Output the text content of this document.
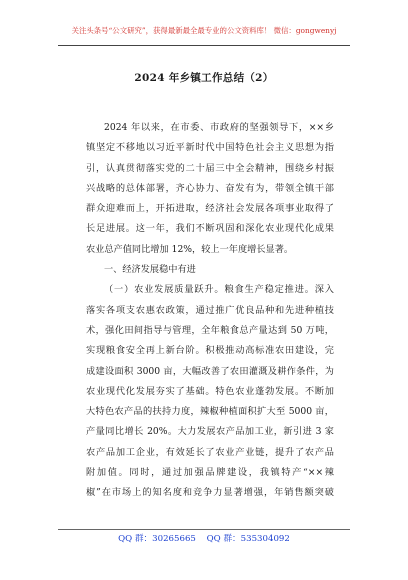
关注头条号“公文研究”，获得最新最全最专业的公文资料库！ 微信：gongwenyj
2024 年乡镇工作总结（2）
2024 年以来，在市委、市政府的坚强领导下，××乡
镇坚定不移地以习近平新时代中国特色社会主义思想为指
引，认真贯彻落实党的二十届三中全会精神，围绕乡村振
兴战略的总体部署，齐心协力、奋发有为，带领全镇干部
群众迎难而上，开拓进取，经济社会发展各项事业取得了
长足进展。这一年，我们不断巩固和深化农业现代化成果
农业总产值同比增加 12%，较上一年度增长显著。
一、经济发展稳中有进
（一）农业发展质量跃升。粮食生产稳定推进。深入
落实各项支农惠农政策，通过推广优良品种和先进种植技
术，强化田间指导与管理，全年粮食总产量达到 50 万吨，
实现粮食安全再上新台阶。积极推动高标准农田建设，完
成建设面积 3000 亩，大幅改善了农田灌溉及耕作条件，为
农业现代化发展夯实了基础。特色农业蓬勃发展。不断加
大特色农产品的扶持力度，辣椒种植面积扩大至 5000 亩，
产量同比增长 20%。大力发展农产品加工业，新引进 3 家
农产品加工企业，有效延长了农业产业链，提升了农产品
附加值。同时，通过加强品牌建设，我镇特产“××辣
椒”在市场上的知名度和竞争力显著增强，年销售额突破
QQ 群：30265665 QQ 群：535304092
